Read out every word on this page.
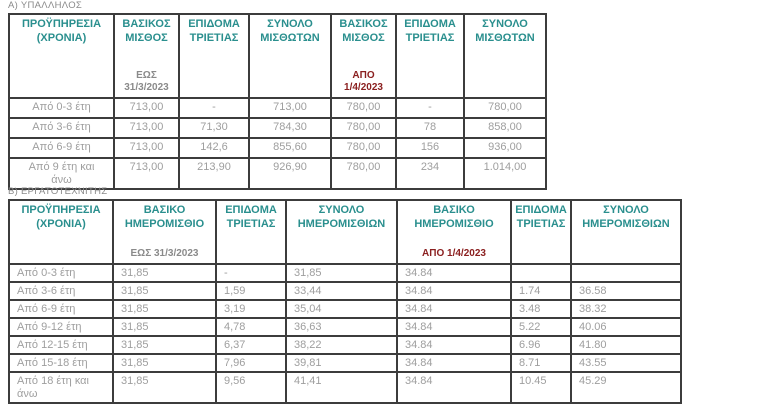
Α) ΥΠΑΛΛΗΛΟΣ
ΠΡΟΫΠΗΡΕΣΙΑ (ΧΡΟΝΙΑ)

ΒΑΣΙΚΟΣ ΜΙΣΘΟΣ
ΕΩΣ 31/3/2023

ΕΠΙΔΟΜΑ ΤΡΙΕΤΙΑΣ

ΣΥΝΟΛΟ ΜΙΣΘΩΤΩΝ

ΒΑΣΙΚΟΣ ΜΙΣΘΟΣ
ΑΠΟ 1/4/2023

ΕΠΙΔΟΜΑ ΤΡΙΕΤΙΑΣ

ΣΥΝΟΛΟ ΜΙΣΘΩΤΩΝ

Από 0-3 έτη	713,00	-	713,00	780,00	-	780,00
Από 3-6 έτη	713,00	71,30	784,30	780,00	78	858,00
Από 6-9 έτη	713,00	142,6	855,60	780,00	156	936,00
Από 9 έτη και άνω	713,00	213,90	926,90	780,00	234	1.014,00
Β) ΕΡΓΑΤΟΤΕΧΝΙΤΗΣ
ΠΡΟΫΠΗΡΕΣΙΑ (ΧΡΟΝΙΑ)

ΒΑΣΙΚΟ ΗΜΕΡΟΜΙΣΘΙΟ
ΕΩΣ 31/3/2023

ΕΠΙΔΟΜΑ ΤΡΙΕΤΙΑΣ

ΣΥΝΟΛΟ ΗΜΕΡΟΜΙΣΘΙΩΝ

ΒΑΣΙΚΟ ΗΜΕΡΟΜΙΣΘΙΟ
ΑΠΟ 1/4/2023

ΕΠΙΔΟΜΑ ΤΡΙΕΤΙΑΣ

ΣΥΝΟΛΟ ΗΜΕΡΟΜΙΣΘΙΩΝ

Από 0-3 έτη	31,85	-	31,85	34.84		
Από 3-6 έτη	31,85	1,59	33,44	34.84	1.74	36.58
Από 6-9 έτη	31,85	3,19	35,04	34.84	3.48	38.32
Από 9-12 έτη	31,85	4,78	36,63	34.84	5.22	40.06
Από 12-15 έτη	31,85	6,37	38,22	34.84	6.96	41.80
Από 15-18 έτη	31,85	7,96	39,81	34.84	8.71	43.55
Από 18 έτη και άνω	31,85	9,56	41,41	34.84	10.45	45.29
